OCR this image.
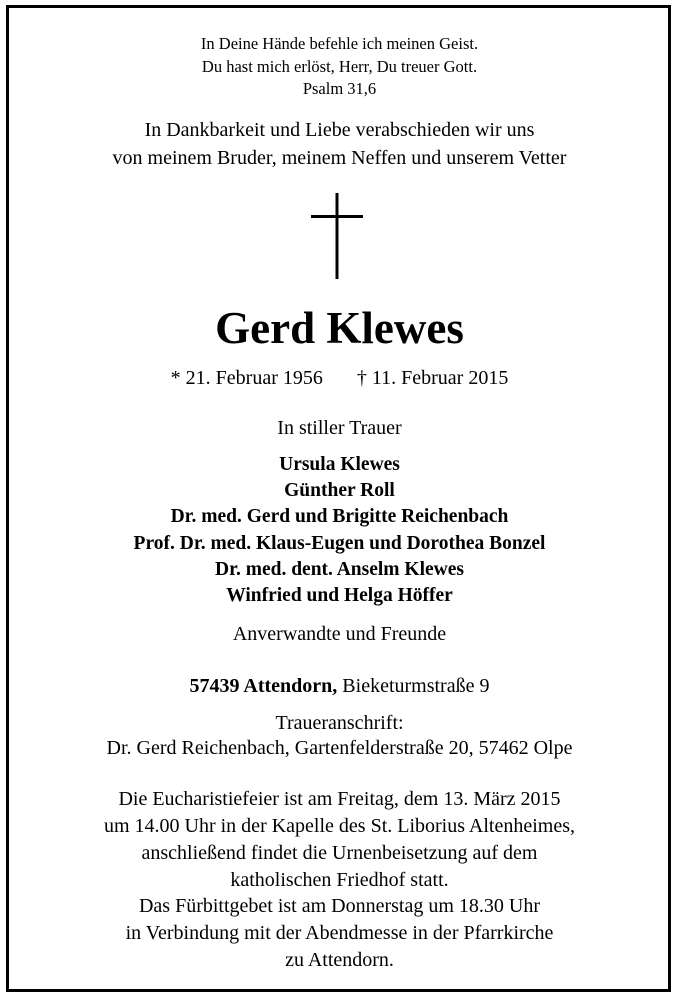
In Deine Hände befehle ich meinen Geist.
Du hast mich erlöst, Herr, Du treuer Gott.
Psalm 31,6
In Dankbarkeit und Liebe verabschieden wir uns
von meinem Bruder, meinem Neffen und unserem Vetter
Gerd Klewes
* 21. Februar 1956 † 11. Februar 2015
In stiller Trauer
Ursula Klewes
Günther Roll
Dr. med. Gerd und Brigitte Reichenbach
Prof. Dr. med. Klaus-Eugen und Dorothea Bonzel
Dr. med. dent. Anselm Klewes
Winfried und Helga Höffer
Anverwandte und Freunde
57439 Attendorn, Bieketurmstraße 9
Traueranschrift:
Dr. Gerd Reichenbach, Gartenfelderstraße 20, 57462 Olpe
Die Eucharistiefeier ist am Freitag, dem 13. März 2015
um 14.00 Uhr in der Kapelle des St. Liborius Altenheimes,
anschließend findet die Urnenbeisetzung auf dem
katholischen Friedhof statt.
Das Fürbittgebet ist am Donnerstag um 18.30 Uhr
in Verbindung mit der Abendmesse in der Pfarrkirche
zu Attendorn.
